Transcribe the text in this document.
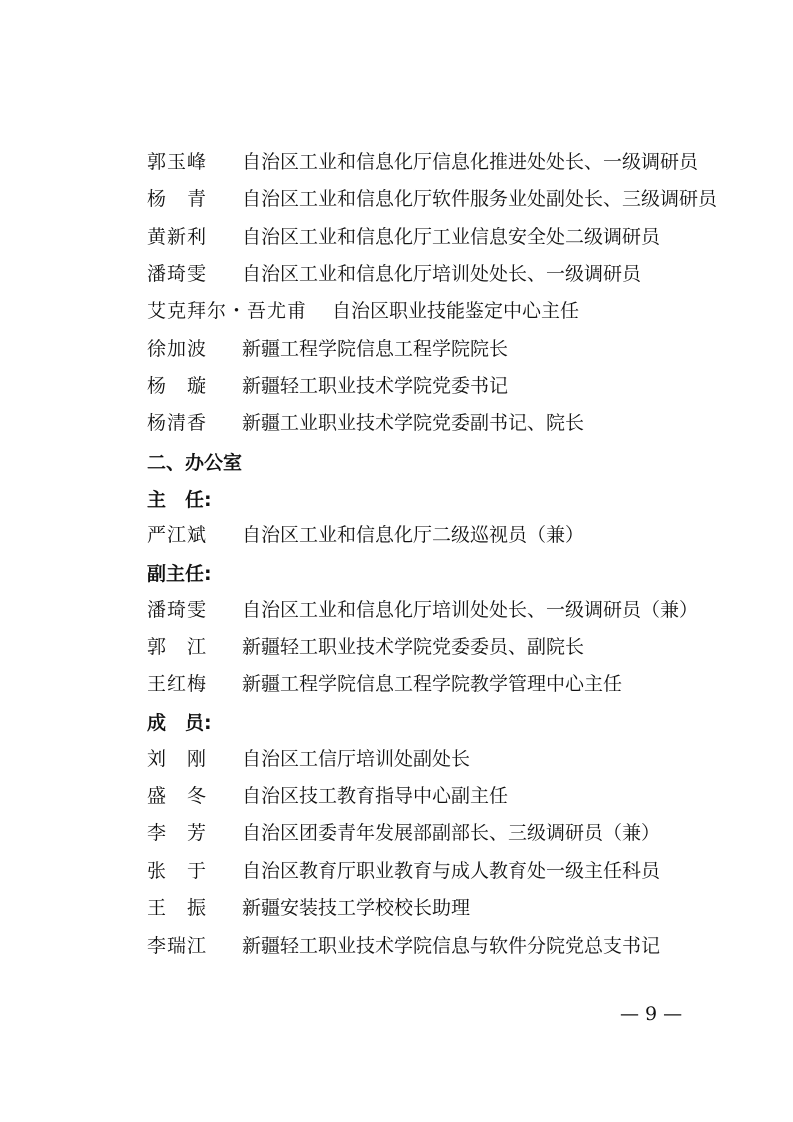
郭玉峰 自治区工业和信息化厅信息化推进处处长、一级调研员
杨　青 自治区工业和信息化厅软件服务业处副处长、三级调研员
黄新利 自治区工业和信息化厅工业信息安全处二级调研员
潘琦雯 自治区工业和信息化厅培训处处长、一级调研员
艾克拜尔・吾尤甫 自治区职业技能鉴定中心主任
徐加波 新疆工程学院信息工程学院院长
杨　璇 新疆轻工职业技术学院党委书记
杨清香 新疆工业职业技术学院党委副书记、院长
二、办公室
主　任:
严江斌 自治区工业和信息化厅二级巡视员（兼）
副主任:
潘琦雯 自治区工业和信息化厅培训处处长、一级调研员（兼）
郭　江 新疆轻工职业技术学院党委委员、副院长
王红梅 新疆工程学院信息工程学院教学管理中心主任
成　员:
刘　刚 自治区工信厅培训处副处长
盛　冬 自治区技工教育指导中心副主任
李　芳 自治区团委青年发展部副部长、三级调研员（兼）
张　于 自治区教育厅职业教育与成人教育处一级主任科员
王　振 新疆安装技工学校校长助理
李瑞江 新疆轻工职业技术学院信息与软件分院党总支书记
— 9 —
